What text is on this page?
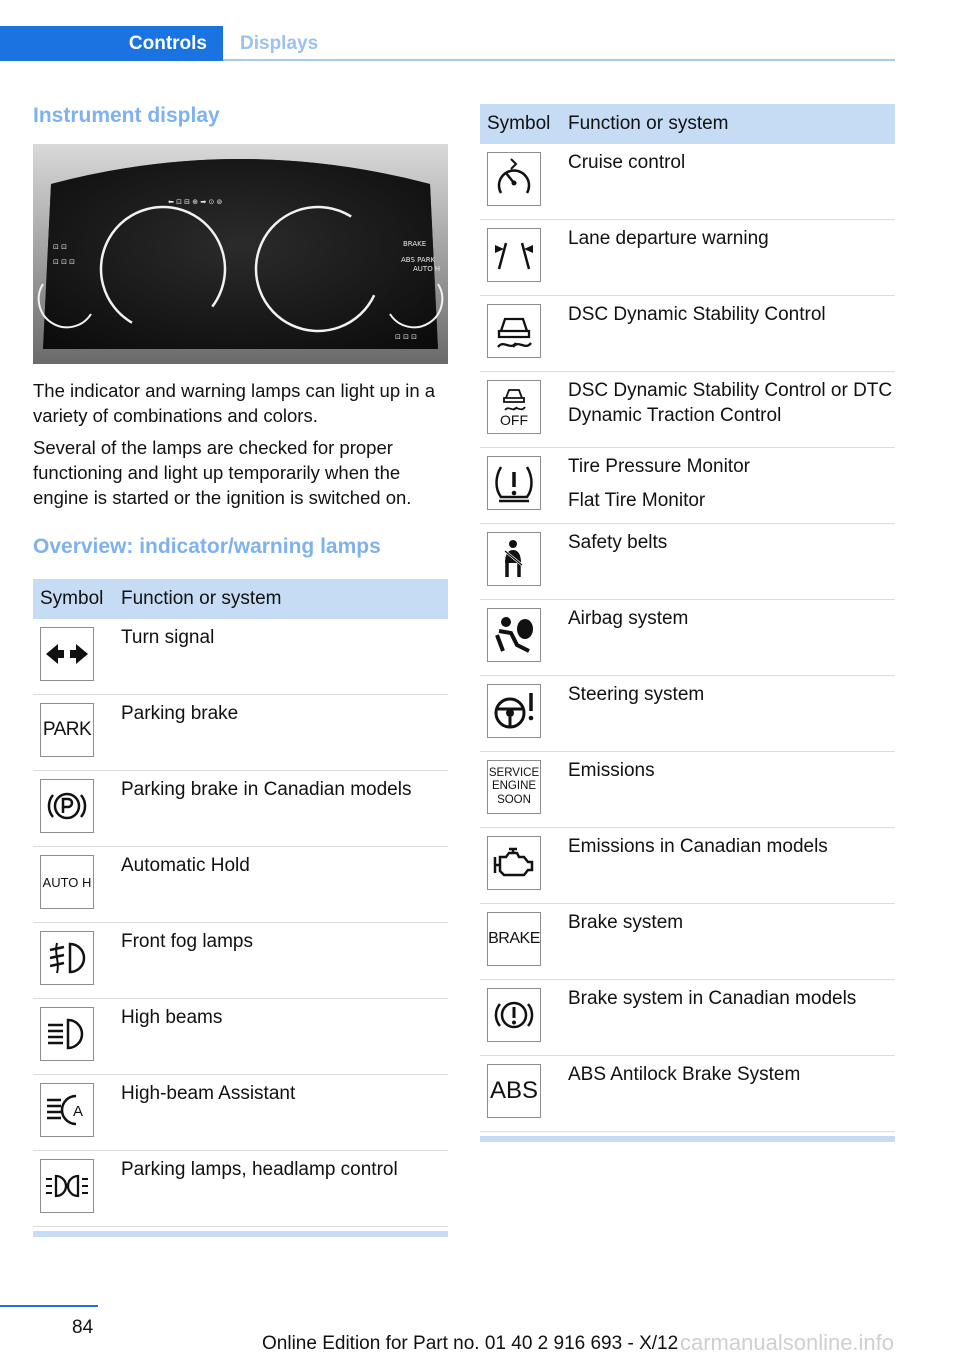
Controls	Displays
Instrument display
⬅ ⊡ ⊟ ⊕ ➡ ⊙ ⊚
⊡ ⊡
⊡ ⊡ ⊡
BRAKE
ABS PARK
AUTO H
⊡ ⊡ ⊡
The indicator and warning lamps can light up in a variety of combinations and colors.
Several of the lamps are checked for proper functioning and light up temporarily when the engine is started or the ignition is switched on.
Overview: indicator/warning lamps
Symbol Function or system
Turn signal
PARK
Parking brake
Parking brake in Canadian models
AUTO H
Automatic Hold
Front fog lamps
High beams
A
High-beam Assistant
Parking lamps, headlamp control
Symbol Function or system
Cruise control
Lane departure warning
DSC Dynamic Stability Control
OFF
DSC Dynamic Stability Control or DTC Dynamic Traction Control
Tire Pressure Monitor
Flat Tire Monitor
Safety belts
Airbag system
Steering system
SERVICE
ENGINE
SOON
Emissions
Emissions in Canadian models
BRAKE
Brake system
Brake system in Canadian models
ABS
ABS Antilock Brake System
84
Online Edition for Part no. 01 40 2 916 693 - X/12 carmanualsonline.info
